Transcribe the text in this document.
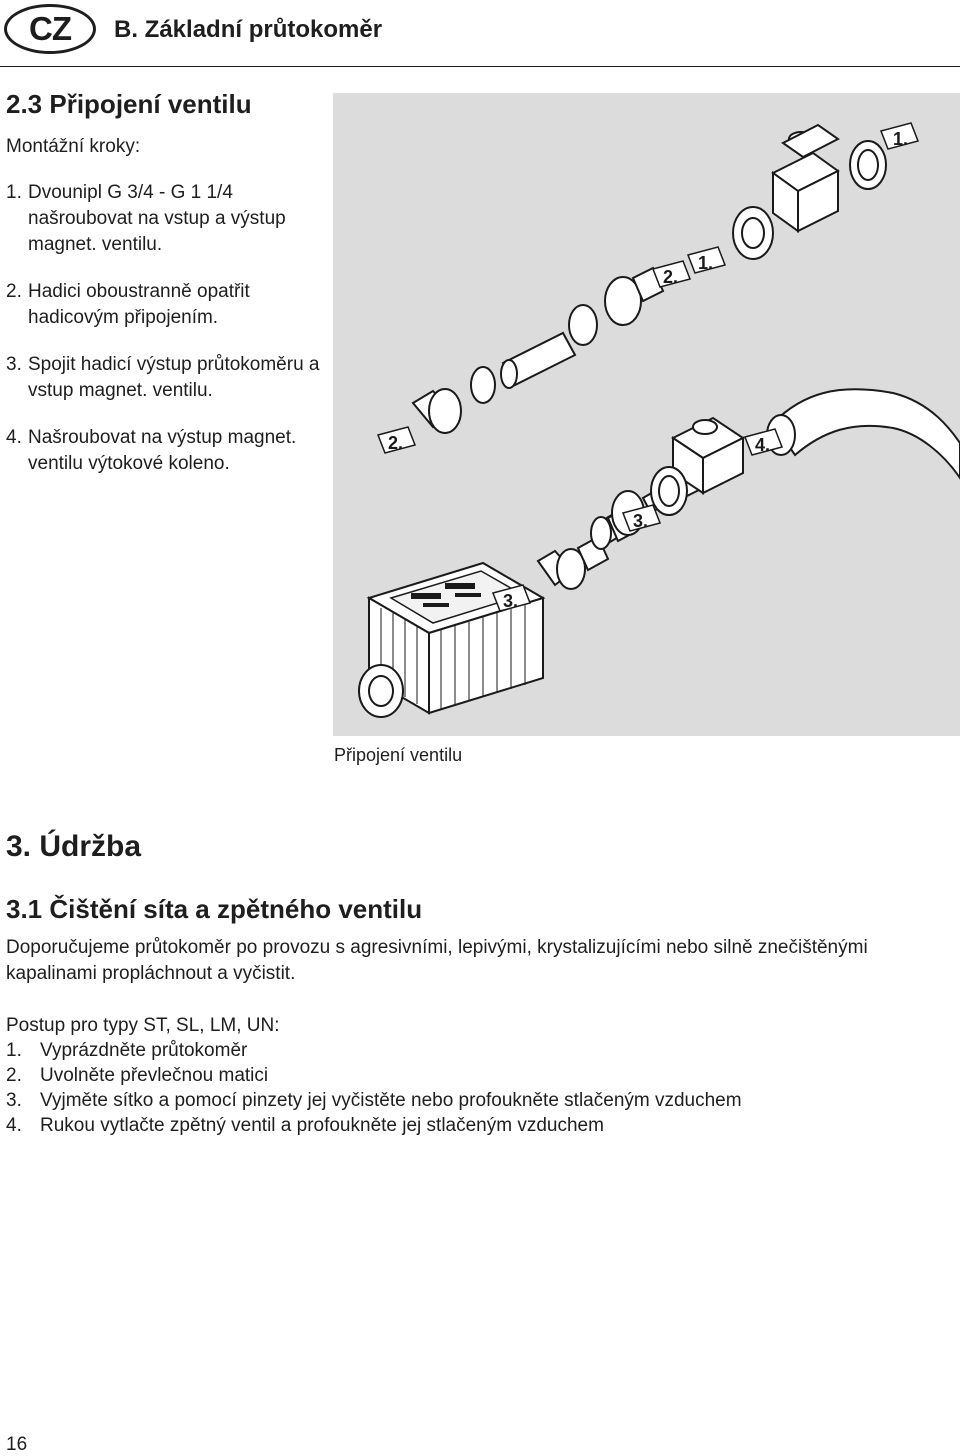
CZ B. Základní průtokoměr
2.3 Připojení ventilu

Montážní kroky:

1. Dvounipl G 3/4 - G 1 1/4 našroubovat na vstup a výstup magnet. ventilu.
2. Hadici oboustranně opatřit hadicovým připojením.
3. Spojit hadicí výstup průtokoměru a vstup magnet. ventilu.
4. Našroubovat na výstup magnet. ventilu výtokové koleno.
1.
1.
2.
2.
3.
3.
4.
Připojení ventilu
3. Údržba
3.1 Čištění síta a zpětného ventilu
Doporučujeme průtokoměr po provozu s agresivními, lepivými, krystalizujícími nebo silně znečištěnými kapalinami propláchnout a vyčistit.
Postup pro typy ST, SL, LM, UN:
1. Vyprázdněte průtokoměr
2. Uvolněte převlečnou matici
3. Vyjměte sítko a pomocí pinzety jej vyčistěte nebo profoukněte stlačeným vzduchem
4. Rukou vytlačte zpětný ventil a profoukněte jej stlačeným vzduchem
16
